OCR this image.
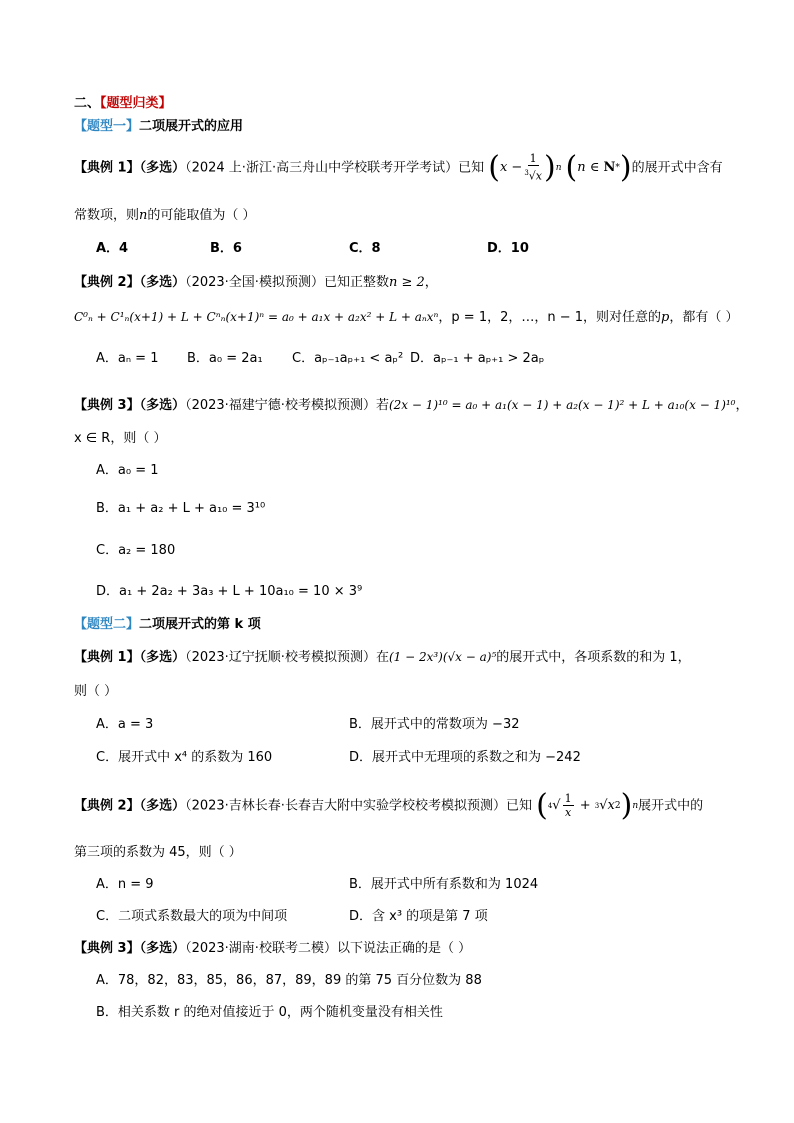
二、【题型归类】
【题型一】二项展开式的应用
【典例 1】（多选）（2024 上·浙江·高三舟山中学校联考开学考试）已知 ( $x - \frac{1}{^3√x}$ ) n ( n ∈ N * ) 的展开式中含有
常数项，则n的可能取值为（ ）
A．4	B．6	C．8	D．10
【典例 2】（多选）（2023·全国·模拟预测）已知正整数n ≥ 2，
C⁰ₙ + C¹ₙ(x+1) + L + Cⁿₙ(x+1)ⁿ = a₀ + a₁x + a₂x² + L + aₙxⁿ，p = 1，2，…，n − 1，则对任意的p，都有（ ）
A．aₙ = 1 B．a₀ = 2a₁ C．aₚ₋₁aₚ₊₁ < aₚ² D．aₚ₋₁ + aₚ₊₁ > 2aₚ
【典例 3】（多选）（2023·福建宁德·校考模拟预测）若(2x − 1)¹⁰ = a₀ + a₁(x − 1) + a₂(x − 1)² + L + a₁₀(x − 1)¹⁰，
x ∈ R，则（ ）
A．a₀ = 1
B．a₁ + a₂ + L + a₁₀ = 3¹⁰
C．a₂ = 180
D．a₁ + 2a₂ + 3a₃ + L + 10a₁₀ = 10 × 3⁹
【题型二】二项展开式的第 k 项
【典例 1】（多选）（2023·辽宁抚顺·校考模拟预测）在(1 − 2x³)(√x − a)⁵的展开式中，各项系数的和为 1，
则（ ）
A．a = 3	B．展开式中的常数项为 −32
C．展开式中 x⁴ 的系数为 160	D．展开式中无理项的系数之和为 −242
【典例 2】（多选）（2023·吉林长春·长春吉大附中实验学校校考模拟预测）已知 ( 4 √ $\frac{1}{x} + 3$ √ x 2 ) n 展开式中的
第三项的系数为 45，则（ ）
A．n = 9	B．展开式中所有系数和为 1024
C．二项式系数最大的项为中间项	D．含 x³ 的项是第 7 项
【典例 3】（多选）（2023·湖南·校联考二模）以下说法正确的是（ ）
A．78，82，83，85，86，87，89，89 的第 75 百分位数为 88
B．相关系数 r 的绝对值接近于 0，两个随机变量没有相关性
